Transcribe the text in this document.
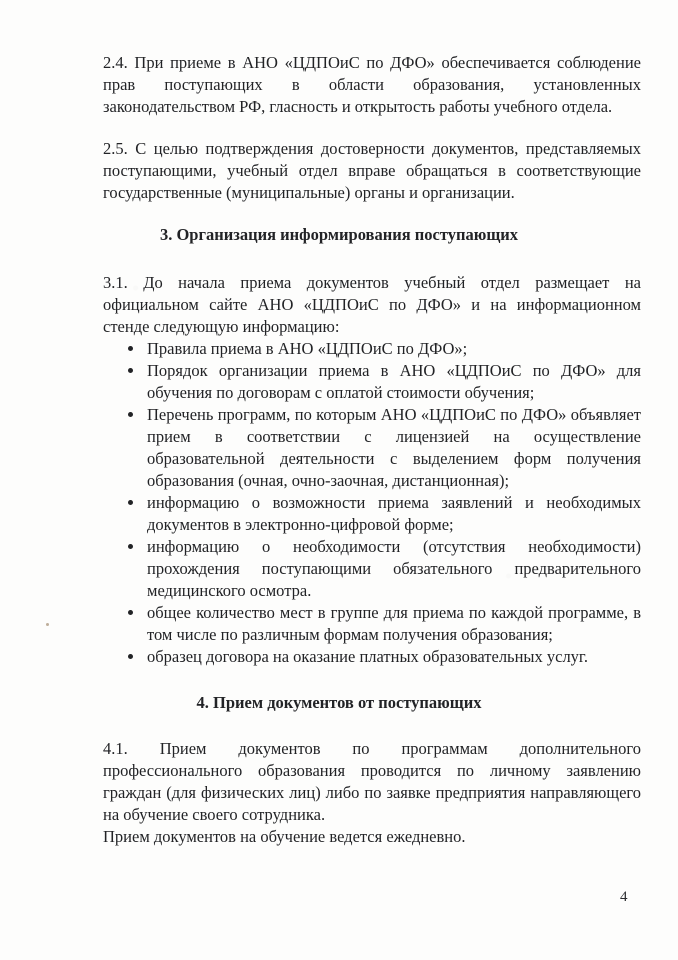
2.4. При приеме в АНО «ЦДПОиС по ДФО» обеспечивается соблюдение прав поступающих в области образования, установленных законодательством РФ, гласность и открытость работы учебного отдела.

2.5. С целью подтверждения достоверности документов, представляемых поступающими, учебный отдел вправе обращаться в соответствующие государственные (муниципальные) органы и организации.

3. Организация информирования поступающих

3.1. До начала приема документов учебный отдел размещает на официальном сайте АНО «ЦДПОиС по ДФО» и на информационном стенде следующую информацию:

• Правила приема в АНО «ЦДПОиС по ДФО»;
• Порядок организации приема в АНО «ЦДПОиС по ДФО» для обучения по договорам с оплатой стоимости обучения;
• Перечень программ, по которым АНО «ЦДПОиС по ДФО» объявляет прием в соответствии с лицензией на осуществление образовательной деятельности с выделением форм получения образования (очная, очно-заочная, дистанционная);
• информацию о возможности приема заявлений и необходимых документов в электронно-цифровой форме;
• информацию о необходимости (отсутствия необходимости) прохождения поступающими обязательного предварительного медицинского осмотра.
• общее количество мест в группе для приема по каждой программе, в том числе по различным формам получения образования;
• образец договора на оказание платных образовательных услуг.
4. Прием документов от поступающих

4.1. Прием документов по программам дополнительного профессионального образования проводится по личному заявлению граждан (для физических лиц) либо по заявке предприятия направляющего на обучение своего сотрудника.

Прием документов на обучение ведется ежедневно.

4
